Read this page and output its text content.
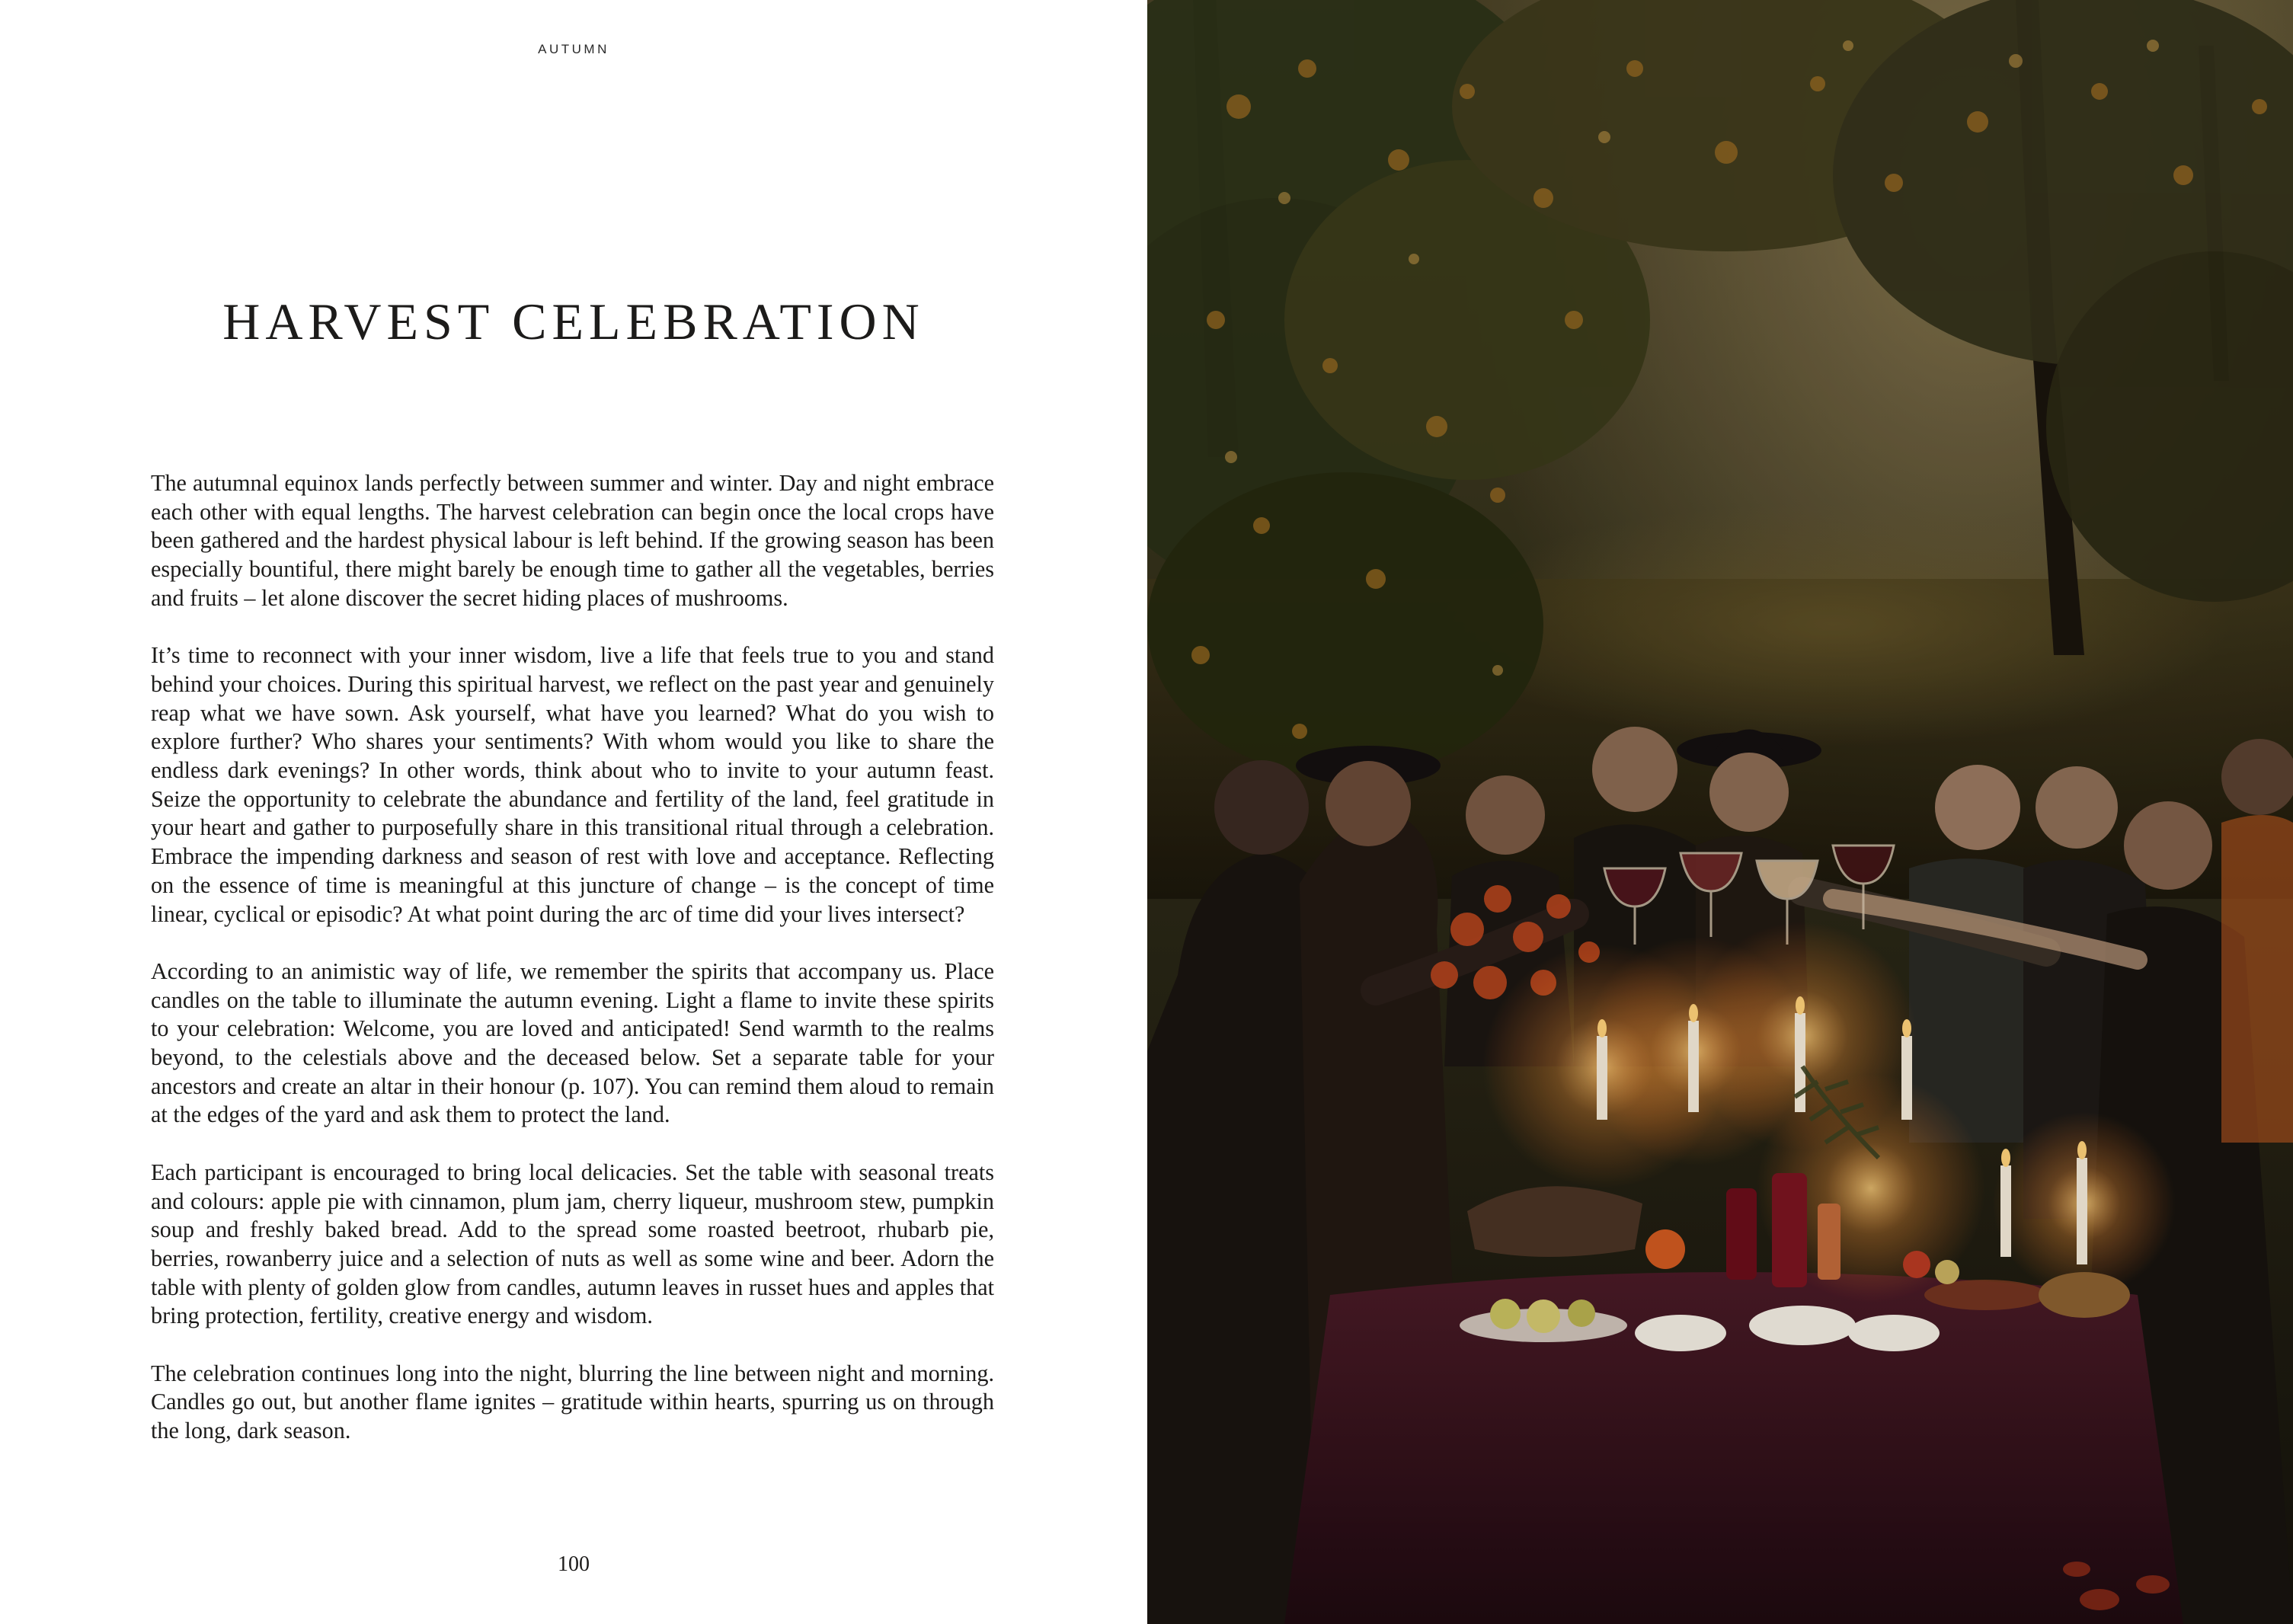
AUTUMN
HARVEST CELEBRATION

The autumnal equinox lands perfectly between summer and winter. Day and night embrace each other with equal lengths. The harvest celebration can begin once the local crops have been gathered and the hardest physical labour is left behind. If the growing season has been especially bountiful, there might barely be enough time to gather all the vegetables, berries and fruits – let alone discover the secret hiding places of mushrooms.

It’s time to reconnect with your inner wisdom, live a life that feels true to you and stand behind your choices. During this spiritual harvest, we reflect on the past year and genuinely reap what we have sown. Ask yourself, what have you learned? What do you wish to explore further? Who shares your sentiments? With whom would you like to share the endless dark evenings? In other words, think about who to invite to your autumn feast. Seize the opportunity to celebrate the abundance and fertility of the land, feel gratitude in your heart and gather to purposefully share in this transitional ritual through a celebration. Embrace the impending darkness and season of rest with love and acceptance. Reflecting on the essence of time is meaningful at this juncture of change – is the concept of time linear, cyclical or episodic? At what point during the arc of time did your lives intersect?

According to an animistic way of life, we remember the spirits that accompany us. Place candles on the table to illuminate the autumn evening. Light a flame to invite these spirits to your celebration: Welcome, you are loved and anticipated! Send warmth to the realms beyond, to the celestials above and the deceased below. Set a separate table for your ancestors and create an altar in their honour (p. 107). You can remind them aloud to remain at the edges of the yard and ask them to protect the land.

Each participant is encouraged to bring local delicacies. Set the table with seasonal treats and colours: apple pie with cinnamon, plum jam, cherry liqueur, mushroom stew, pumpkin soup and freshly baked bread. Add to the spread some roasted beetroot, rhubarb pie, berries, rowanberry juice and a selection of nuts as well as some wine and beer. Adorn the table with plenty of golden glow from candles, autumn leaves in russet hues and apples that bring protection, fertility, creative energy and wisdom.

The celebration continues long into the night, blurring the line between night and morning. Candles go out, but another flame ignites – gratitude within hearts, spurring us on through the long, dark season.

100
